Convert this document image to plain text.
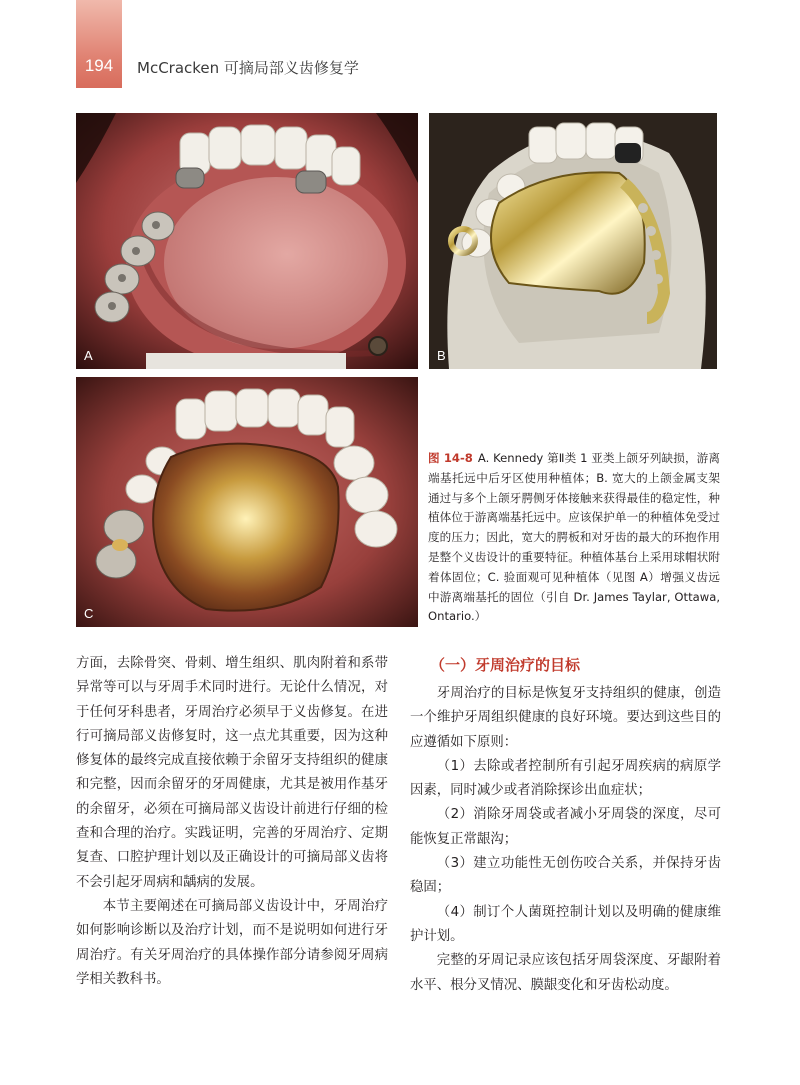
194	McCracken 可摘局部义齿修复学
A	B
C
图 14-8 A. Kennedy 第Ⅱ类 1 亚类上颌牙列缺损，游离端基托远中后牙区使用种植体；B. 宽大的上颌金属支架通过与多个上颌牙腭侧牙体接触来获得最佳的稳定性，种植体位于游离端基托远中。应该保护单一的种植体免受过度的压力；因此，宽大的腭板和对牙齿的最大的环抱作用是整个义齿设计的重要特征。种植体基台上采用球帽状附着体固位；C. 验面观可见种植体（见图 A）增强义齿远中游离端基托的固位（引自 Dr. James Taylar, Ottawa, Ontario.）

方面，去除骨突、骨刺、增生组织、肌肉附着和系带异常等可以与牙周手术同时进行。无论什么情况，对于任何牙科患者，牙周治疗必须早于义齿修复。在进行可摘局部义齿修复时，这一点尤其重要，因为这种修复体的最终完成直接依赖于余留牙支持组织的健康和完整，因而余留牙的牙周健康，尤其是被用作基牙的余留牙，必须在可摘局部义齿设计前进行仔细的检查和合理的治疗。实践证明，完善的牙周治疗、定期复查、口腔护理计划以及正确设计的可摘局部义齿将不会引起牙周病和龋病的发展。

本节主要阐述在可摘局部义齿设计中，牙周治疗如何影响诊断以及治疗计划，而不是说明如何进行牙周治疗。有关牙周治疗的具体操作部分请参阅牙周病学相关教科书。

（一）牙周治疗的目标

牙周治疗的目标是恢复牙支持组织的健康，创造一个维护牙周组织健康的良好环境。要达到这些目的应遵循如下原则：

（1）去除或者控制所有引起牙周疾病的病原学因素，同时减少或者消除探诊出血症状；

（2）消除牙周袋或者减小牙周袋的深度，尽可能恢复正常龈沟；

（3）建立功能性无创伤咬合关系，并保持牙齿稳固；

（4）制订个人菌斑控制计划以及明确的健康维护计划。

完整的牙周记录应该包括牙周袋深度、牙龈附着水平、根分叉情况、膜龈变化和牙齿松动度。
